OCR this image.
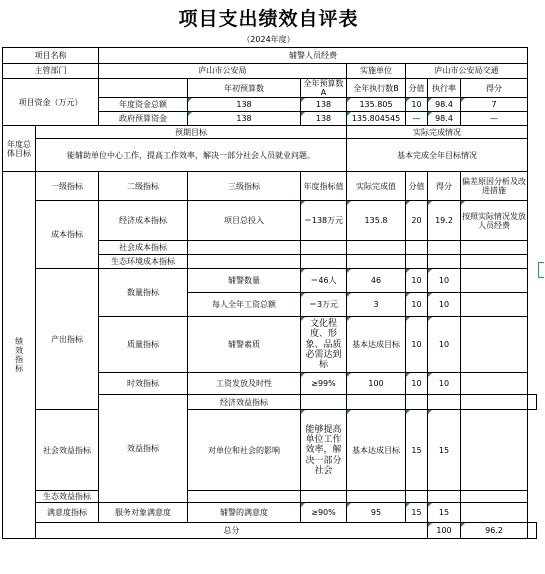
项目支出绩效自评表
（2024年度）
项目名称		辅警人员经费							
主管部门		庐山市公安局			实施单位	庐山市公安局交通			
项目资金（万元）			年初预算数	全年预算数A	全年执行数B	分值	执行率	得分	
		年度资金总额	138	138	135.805	10	98.4	7	
		政府预算资金	138	138	135.804545	—	98.4	—	
年度总体目标	预期目标				实际完成情况				
	能辅助单位中心工作，提高工作效率，解决一部分社会人员就业问题。				基本完成全年目标情况				

绩效指标	一级指标	二级指标	三级指标	年度指标值	实际完成值	分值	得分	偏差原因分析及改进措施	
	成本指标	经济成本指标	项目总投入	＝138万元	135.8	20	19.2	按照实际情况发放人员经费	
		社会成本指标							
		生态环境成本指标							
	产出指标	数量指标	辅警数量	＝46人	46	10	10		
			每人全年工资总额	＝3万元	3	10	10		
		质量指标	辅警素质	文化程度、形象、品质必需达到标	基本达成目标	10	10		
		时效指标	工资发放及时性	≥99%	100	10	10		
		效益指标	经济效益指标						
	社会效益指标		对单位和社会的影响	能够提高单位工作效率，解决一部分社会	基本达成目标	15	15		
	生态效益指标								
	满意度指标	服务对象满意度	辅警的满意度	≥90%	95	15	15		
	总分						100	96.2	
